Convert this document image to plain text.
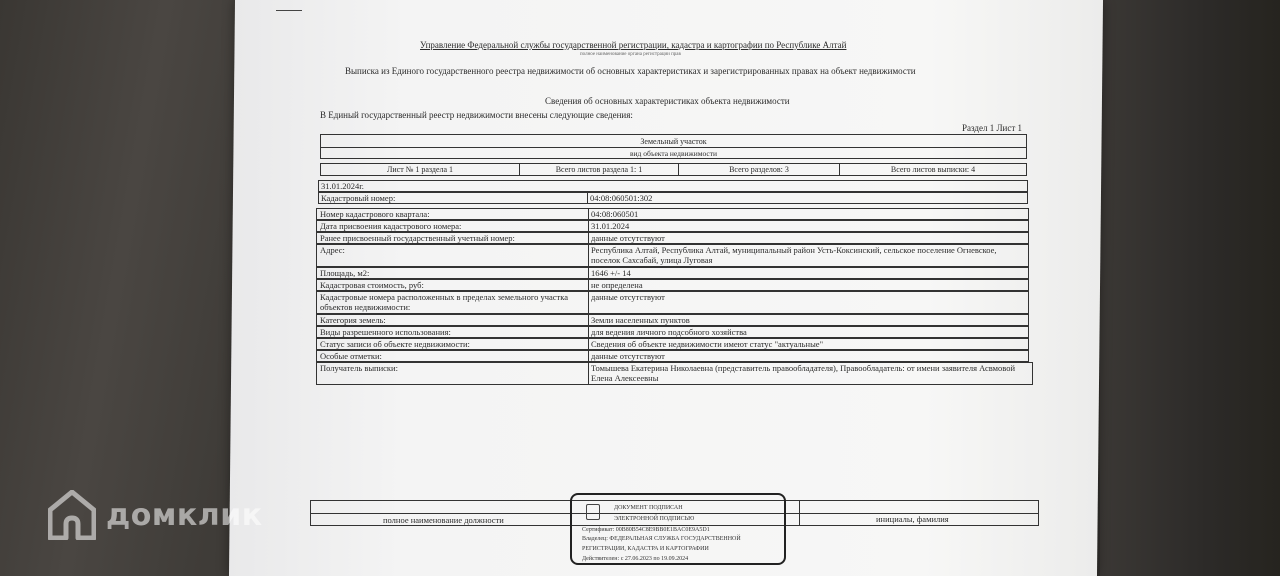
Управление Федеральной службы государственной регистрации, кадастра и картографии по Республике Алтай
полное наименование органа регистрации прав
Выписка из Единого государственного реестра недвижимости об основных характеристиках и зарегистрированных правах на объект недвижимости
Сведения об основных характеристиках объекта недвижимости
В Единый государственный реестр недвижимости внесены следующие сведения:
Раздел 1 Лист 1
Земельный участок
вид объекта недвижимости
Лист № 1 раздела 1	Всего листов раздела 1: 1	Всего разделов: 3	Всего листов выписки: 4
31.01.2024г.
Кадастровый номер:	04:08:060501:302
Номер кадастрового квартала:	04:08:060501
Дата присвоения кадастрового номера:	31.01.2024
Ранее присвоенный государственный учетный номер:	данные отсутствуют
Адрес:	Республика Алтай, Республика Алтай, муниципальный район Усть-Коксинский, сельское поселение Огневское, поселок Сахсабай, улица Луговая
Площадь, м2:	1646 +/- 14
Кадастровая стоимость, руб:	не определена
Кадастровые номера расположенных в пределах земельного участка объектов недвижимости:
данные отсутствуют
Категория земель:	Земли населенных пунктов
Виды разрешенного использования:	для ведения личного подсобного хозяйства
Статус записи об объекте недвижимости:	Сведения об объекте недвижимости имеют статус "актуальные"
Особые отметки:	данные отсутствуют
Получатель выписки:	Томышева Екатерина Николаевна (представитель правообладателя), Правообладатель: от имени заявителя Асвмовой Елена Алексеевны
полное наименование должности	инициалы, фамилия
ДОКУМЕНТ ПОДПИСАН
ЭЛЕКТРОННОЙ ПОДПИСЬЮ
Сертификат: 00B80B54C8E9BB0E1BAC0E9A5D1
Владелец: ФЕДЕРАЛЬНАЯ СЛУЖБА ГОСУДАРСТВЕННОЙ
РЕГИСТРАЦИИ, КАДАСТРА И КАРТОГРАФИИ
Действителен: с 27.06.2023 по 19.09.2024
домклик
